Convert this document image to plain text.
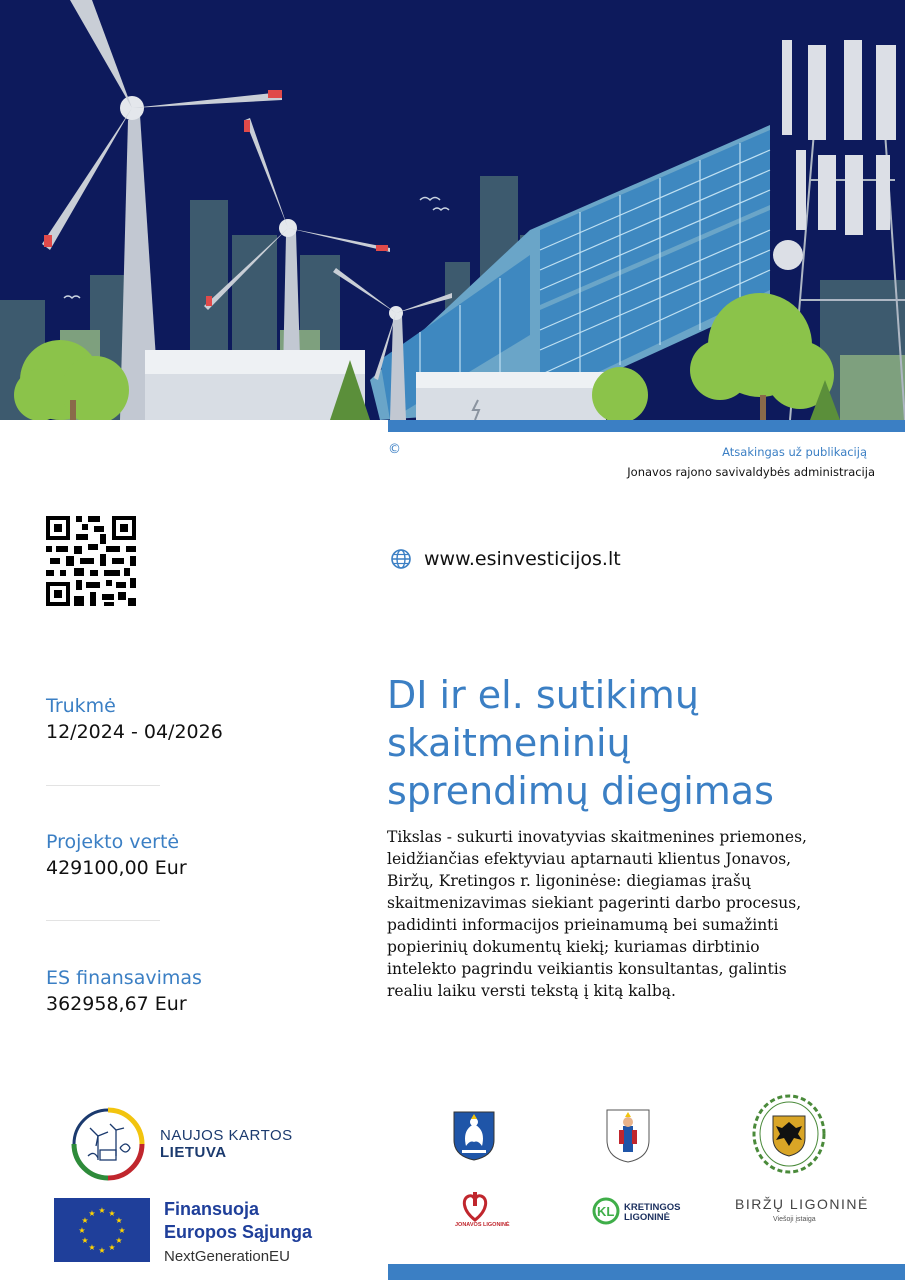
©	Atsakingas už publikaciją
Jonavos rajono savivaldybės administracija
www.esinvesticijos.lt
Trukmė
12/2024 - 04/2026
Projekto vertė
429100,00 Eur
ES finansavimas
362958,67 Eur
DI ir el. sutikimų
skaitmeninių
sprendimų diegimas
Tikslas - sukurti inovatyvias skaitmenines priemones,
leidžiančias efektyviau aptarnauti klientus Jonavos,
Biržų, Kretingos r. ligoninėse: diegiamas įrašų
skaitmenizavimas siekiant pagerinti darbo procesus,
padidinti informacijos prieinamumą bei sumažinti
popierinių dokumentų kiekį; kuriamas dirbtinio
intelekto pagrindu veikiantis konsultantas, galintis
realiu laiku versti tekstą į kitą kalbą.
NAUJOS KARTOS
LIETUVA
★ ★
★
★
★
★
★
★
★
★
★
★	Finansuoja
Europos Sąjunga
NextGenerationEU
JONAVOS LIGONINĖ
KL KRETINGOS
LIGONINĖ
BIRŽŲ LIGONINĖ
Viešoji įstaiga
